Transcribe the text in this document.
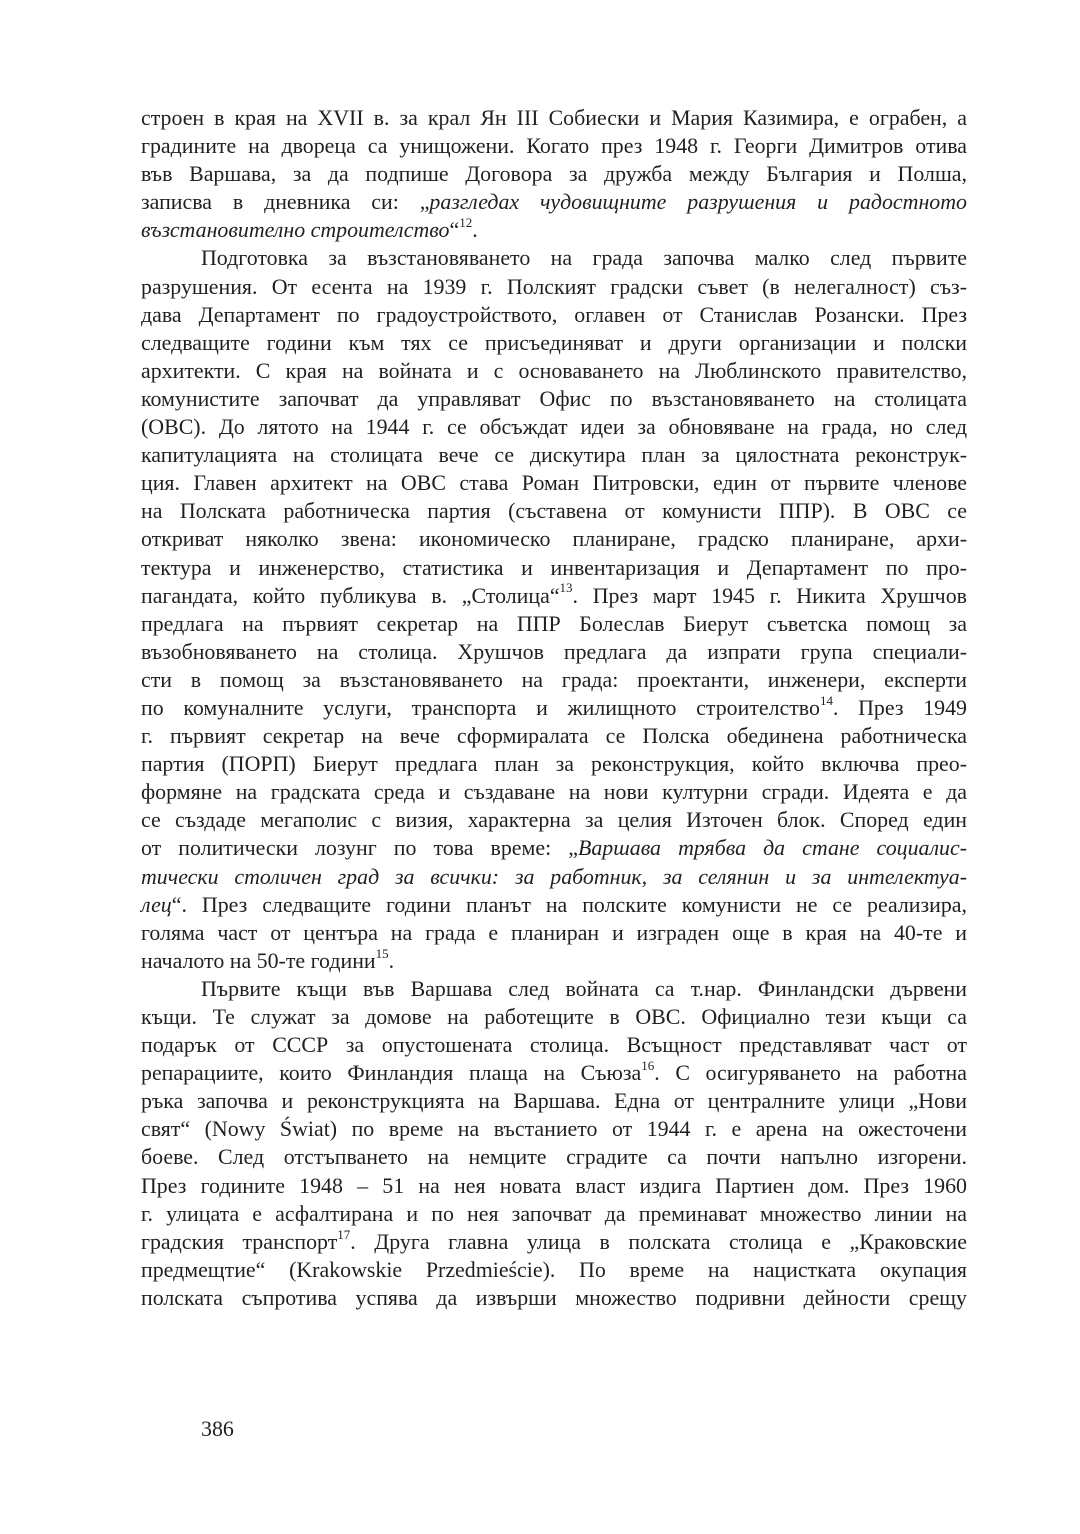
строен в края на XVII в. за крал Ян III Собиески и Мария Казимира, е ограбен, а
градините на двореца са унищожени. Когато през 1948 г. Георги Димитров отива
във Варшава, за да подпише Договора за дружба между България и Полша,
записва в дневника си: „разгледах чудовищните разрушения и радостното
възстановително строителство“$^{12}$.
Подготовка за възстановяването на града започва малко след първите
разрушения. От есента на 1939 г. Полският градски съвет (в нелегалност) съз-
дава Департамент по градоустройството, оглавен от Станислав Розански. През
следващите години към тях се присъединяват и други организации и полски
архитекти. С края на войната и с основаването на Люблинското правителство,
комунистите започват да управляват Офис по възстановяването на столицата
(ОВС). До лятото на 1944 г. се обсъждат идеи за обновяване на града, но след
капитулацията на столицата вече се дискутира план за цялостната реконструк-
ция. Главен архитект на ОВС става Роман Питровски, един от първите членове
на Полската работническа партия (съставена от комунисти ППР). В ОВС се
откриват няколко звена: икономическо планиране, градско планиране, архи-
тектура и инженерство, статистика и инвентаризация и Департамент по про-
пагандата, който публикува в. „Столица“$^{13}$. През март 1945 г. Никита Хрушчов
предлага на първият секретар на ППР Болеслав Биерут съветска помощ за
възобновяването на столица. Хрушчов предлага да изпрати група специали-
сти в помощ за възстановяването на града: проектанти, инженери, експерти
по комуналните услуги, транспорта и жилищното строителство$^{14}$. През 1949
г. първият секретар на вече сформиралата се Полска обединена работническа
партия (ПОРП) Биерут предлага план за реконструкция, който включва прео-
формяне на градската среда и създаване на нови културни сгради. Идеята е да
се създаде мегаполис с визия, характерна за целия Източен блок. Според един
от политически лозунг по това време: „Варшава трябва да стане социалис-
тически столичен град за всички: за работник, за селянин и за интелектуа-
лец“. През следващите години планът на полските комунисти не се реализира,
голяма част от центъра на града е планиран и изграден още в края на 40-те и
началото на 50-те години$^{15}$.
Първите къщи във Варшава след войната са т.нар. Финландски дървени
къщи. Те служат за домове на работещите в ОВС. Официално тези къщи са
подарък от СССР за опустошената столица. Всъщност представляват част от
репарациите, които Финландия плаща на Съюза$^{16}$. С осигуряването на работна
ръка започва и реконструкцията на Варшава. Една от централните улици „Нови
свят“ (Nowy Świat) по време на въстанието от 1944 г. е арена на ожесточени
боеве. След отстъпването на немците сградите са почти напълно изгорени.
През годините 1948 – 51 на нея новата власт издига Партиен дом. През 1960
г. улицата е асфалтирана и по нея започват да преминават множество линии на
градския транспорт$^{17}$. Друга главна улица в полската столица е „Краковские
предмещтие“ (Krakowskie Przedmieście). По време на нацистката окупация
полската съпротива успява да извърши множество подривни дейности срещу
386
